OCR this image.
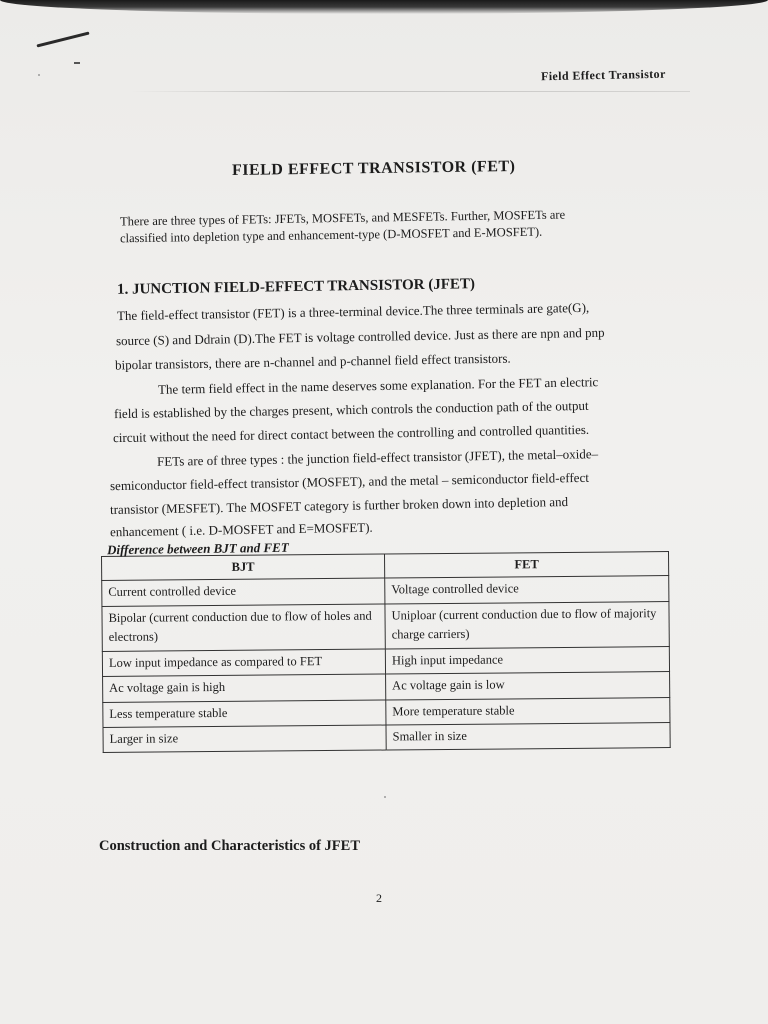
Field Effect Transistor
FIELD EFFECT TRANSISTOR (FET)

There are three types of FETs: JFETs, MOSFETs, and MESFETs. Further, MOSFETs are

classified into depletion type and enhancement-type (D-MOSFET and E-MOSFET).

1. JUNCTION FIELD-EFFECT TRANSISTOR (JFET)

The field-effect transistor (FET) is a three-terminal device.The three terminals are gate(G),

source (S) and Ddrain (D).The FET is voltage controlled device. Just as there are npn and pnp

bipolar transistors, there are n-channel and p-channel field effect transistors.

The term field effect in the name deserves some explanation. For the FET an electric

field is established by the charges present, which controls the conduction path of the output

circuit without the need for direct contact between the controlling and controlled quantities.

FETs are of three types : the junction field-effect transistor (JFET), the metal–oxide–

semiconductor field-effect transistor (MOSFET), and the metal – semiconductor field-effect

transistor (MESFET). The MOSFET category is further broken down into depletion and

enhancement ( i.e. D-MOSFET and E=MOSFET).

Difference between BJT and FET
BJT	FET
Current controlled device	Voltage controlled device
Bipolar (current conduction due to flow of holes and electrons)	Uniploar (current conduction due to flow of majority charge carriers)
Low input impedance as compared to FET	High input impedance
Ac voltage gain is high	Ac voltage gain is low
Less temperature stable	More temperature stable
Larger in size	Smaller in size
Construction and Characteristics of JFET
2
